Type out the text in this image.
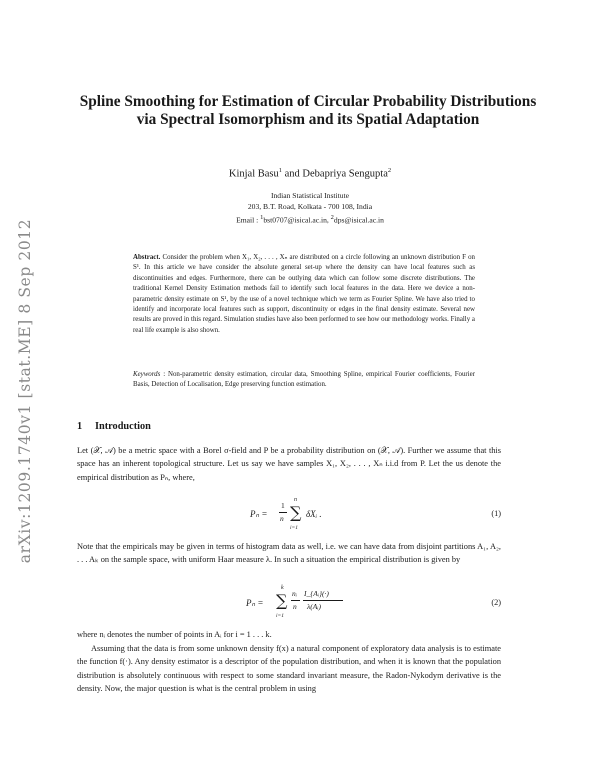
arXiv:1209.1740v1 [stat.ME] 8 Sep 2012
Spline Smoothing for Estimation of Circular Probability Distributions via Spectral Isomorphism and its Spatial Adaptation
Kinjal Basu$^1$ and Debapriya Sengupta$^2$
Indian Statistical Institute
203, B.T. Road, Kolkata - 700 108, India
Email : $^1$bst0707@isical.ac.in, $^2$dps@isical.ac.in
Abstract. Consider the problem when X₁, X₂, . . . , Xₙ are distributed on a circle following an unknown distribution F on S¹. In this article we have consider the absolute general set-up where the density can have local features such as discontinuities and edges. Furthermore, there can be outlying data which can follow some discrete distributions. The traditional Kernel Density Estimation methods fail to identify such local features in the data. Here we device a non-parametric density estimate on S¹, by the use of a novel technique which we term as Fourier Spline. We have also tried to identify and incorporate local features such as support, discontinuity or edges in the final density estimate. Several new results are proved in this regard. Simulation studies have also been performed to see how our methodology works. Finally a real life example is also shown.
Keywords : Non-parametric density estimation, circular data, Smoothing Spline, empirical Fourier coefficients, Fourier Basis, Detection of Localisation, Edge preserving function estimation.
1 Introduction
Let (𝒳, 𝒜) be a metric space with a Borel σ-field and P be a probability distribution on (𝒳, 𝒜). Further we assume that this space has an inherent topological structure. Let us say we have samples X₁, X₂, . . . , Xₙ i.i.d from P. Let the us denote the empirical distribution as Pₙ, where,
Pₙ =
1
n
n
∑
i=1
δXᵢ .	(1)
Note that the empiricals may be given in terms of histogram data as well, i.e. we can have data from disjoint partitions A₁, A₂, . . . Aₖ on the sample space, with uniform Haar measure λ. In such a situation the empirical distribution is given by
Pₙ =
k
∑
i=1
nᵢ
n
I_{Aᵢ}(·)
λ(Aᵢ)	(2)
where nᵢ denotes the number of points in Aᵢ for i = 1 . . . k.
Assuming that the data is from some unknown density f(x) a natural component of exploratory data analysis is to estimate the function f(·). Any density estimator is a descriptor of the population distribution, and when it is known that the population distribution is absolutely continuous with respect to some standard invariant measure, the Radon-Nykodym derivative is the density. Now, the major question is what is the central problem in using
